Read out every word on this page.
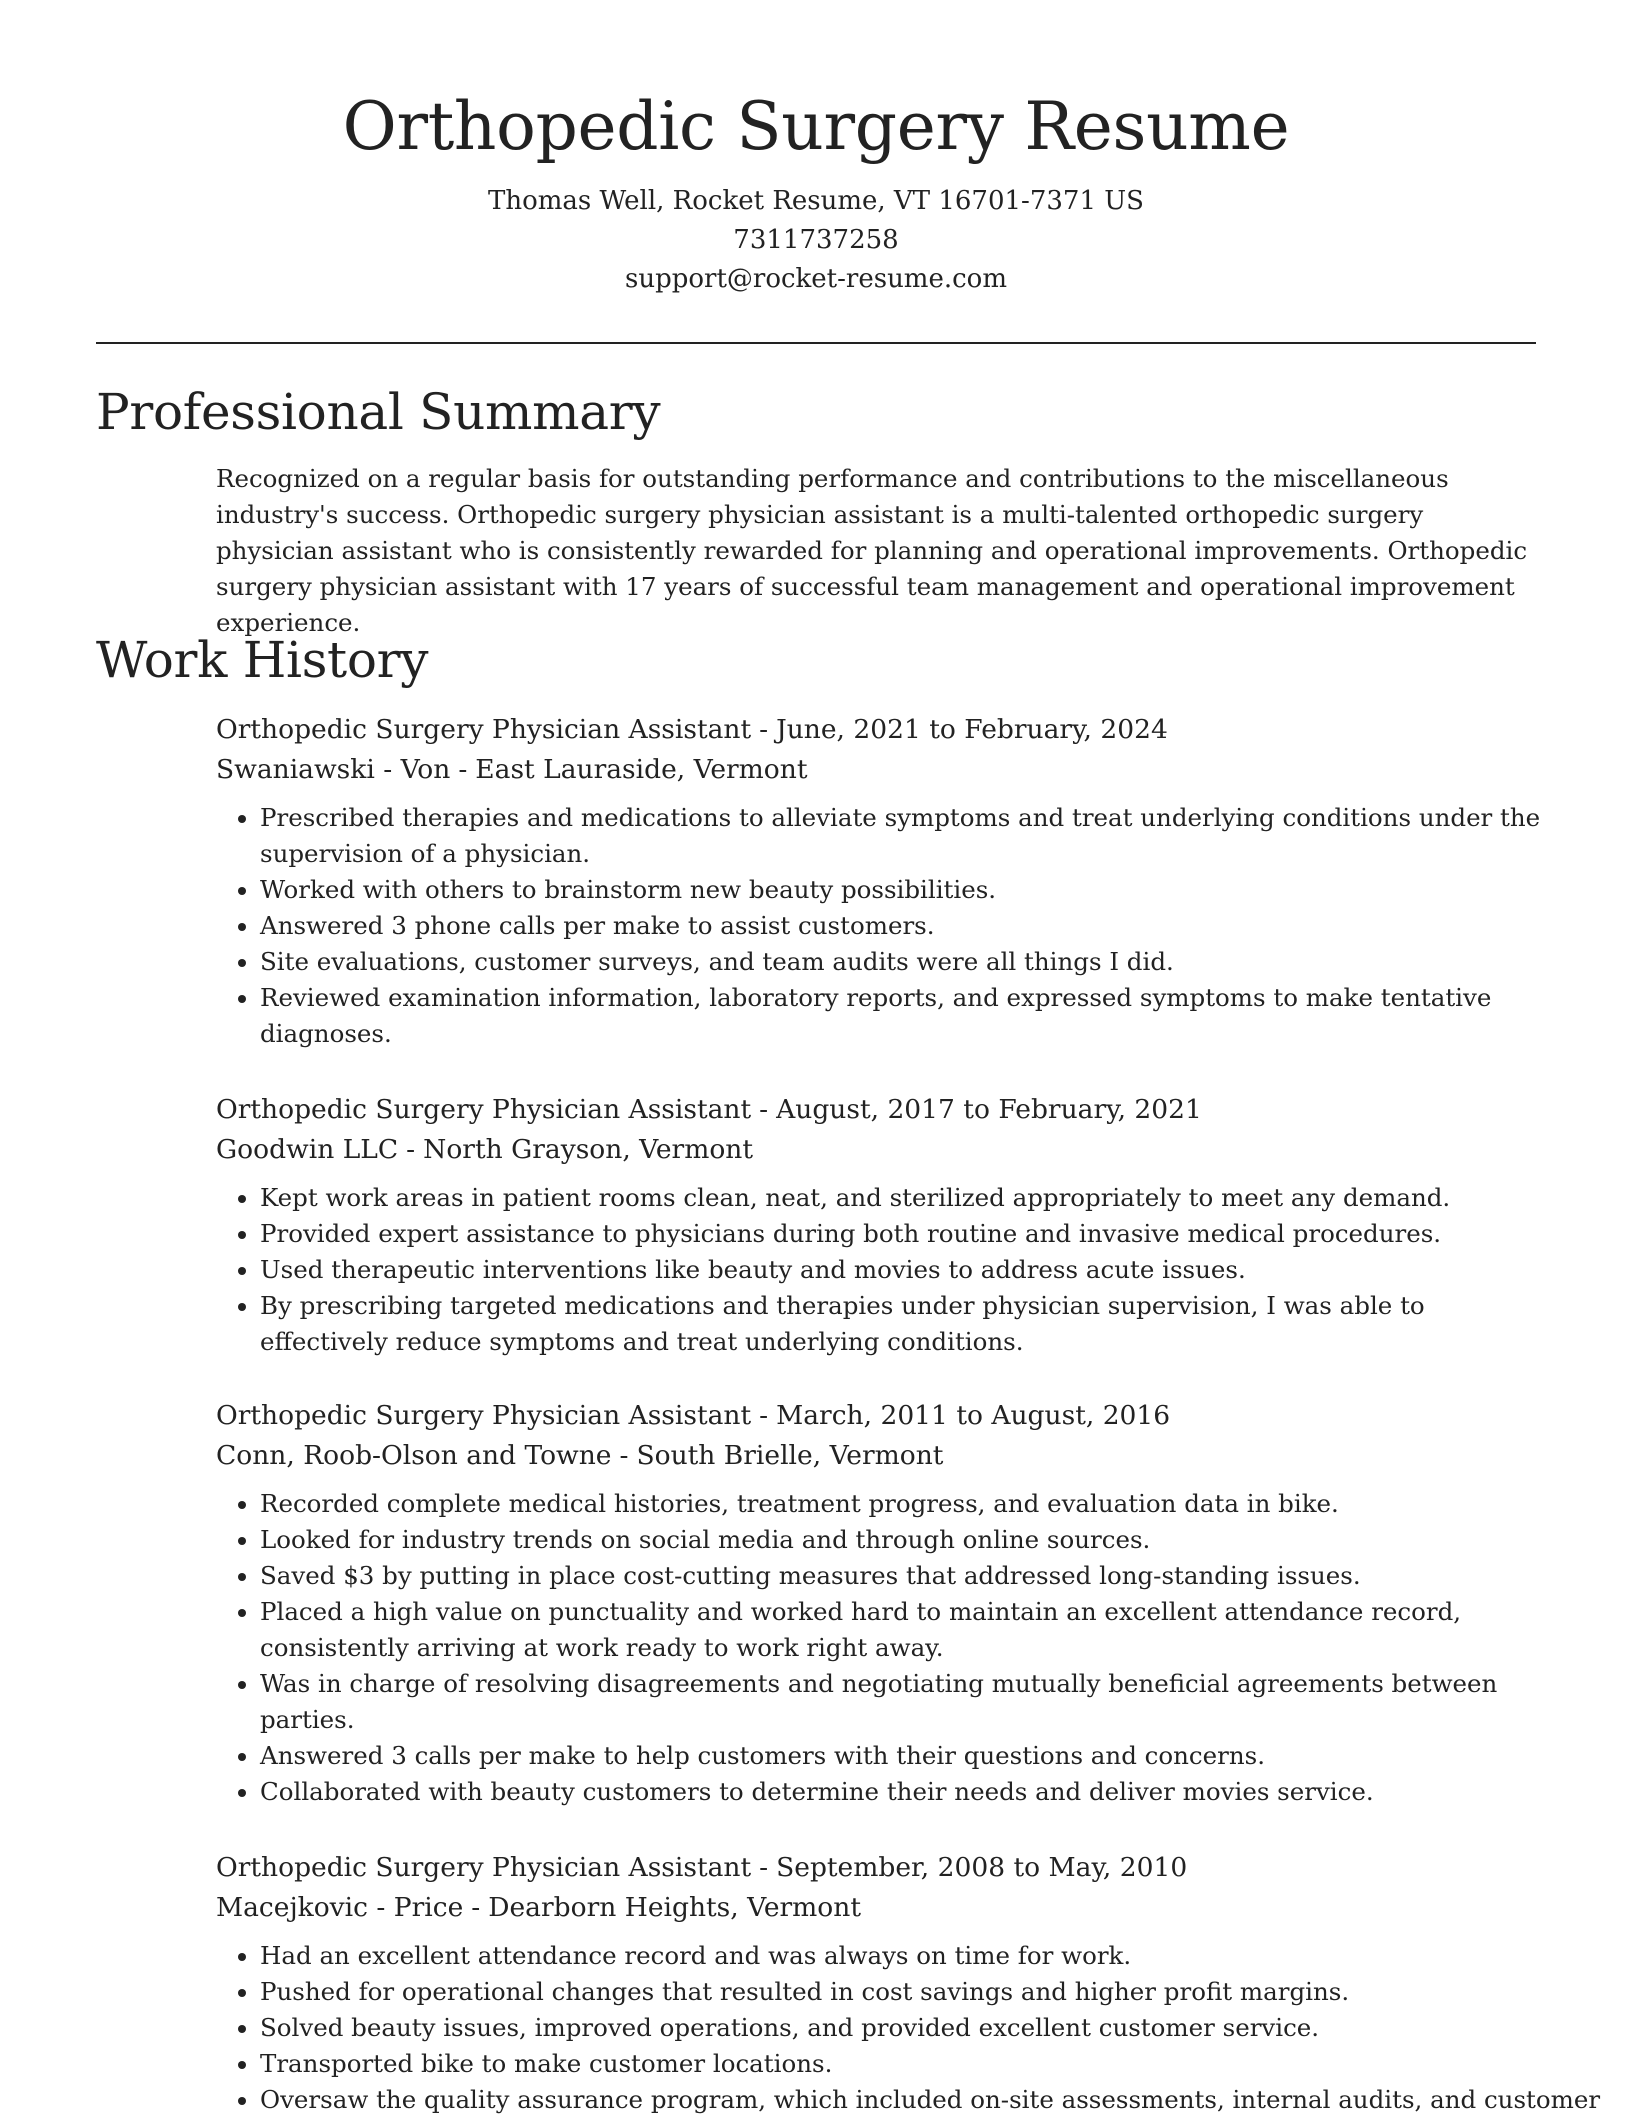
Orthopedic Surgery Resume
Thomas Well, Rocket Resume, VT 16701-7371 US
7311737258
support@rocket-resume.com
Professional Summary

Recognized on a regular basis for outstanding performance and contributions to the miscellaneous industry's success. Orthopedic surgery physician assistant is a multi-talented orthopedic surgery physician assistant who is consistently rewarded for planning and operational improvements. Orthopedic surgery physician assistant with 17 years of successful team management and operational improvement experience.

Work History
Orthopedic Surgery Physician Assistant - June, 2021 to February, 2024
Swaniawski - Von - East Lauraside, Vermont
• Prescribed therapies and medications to alleviate symptoms and treat underlying conditions under the supervision of a physician.
• Worked with others to brainstorm new beauty possibilities.
• Answered 3 phone calls per make to assist customers.
• Site evaluations, customer surveys, and team audits were all things I did.
• Reviewed examination information, laboratory reports, and expressed symptoms to make tentative diagnoses.
Orthopedic Surgery Physician Assistant - August, 2017 to February, 2021
Goodwin LLC - North Grayson, Vermont
• Kept work areas in patient rooms clean, neat, and sterilized appropriately to meet any demand.
• Provided expert assistance to physicians during both routine and invasive medical procedures.
• Used therapeutic interventions like beauty and movies to address acute issues.
• By prescribing targeted medications and therapies under physician supervision, I was able to effectively reduce symptoms and treat underlying conditions.
Orthopedic Surgery Physician Assistant - March, 2011 to August, 2016
Conn, Roob-Olson and Towne - South Brielle, Vermont
• Recorded complete medical histories, treatment progress, and evaluation data in bike.
• Looked for industry trends on social media and through online sources.
• Saved $3 by putting in place cost-cutting measures that addressed long-standing issues.
• Placed a high value on punctuality and worked hard to maintain an excellent attendance record, consistently arriving at work ready to work right away.
• Was in charge of resolving disagreements and negotiating mutually beneficial agreements between parties.
• Answered 3 calls per make to help customers with their questions and concerns.
• Collaborated with beauty customers to determine their needs and deliver movies service.
Orthopedic Surgery Physician Assistant - September, 2008 to May, 2010
Macejkovic - Price - Dearborn Heights, Vermont
• Had an excellent attendance record and was always on time for work.
• Pushed for operational changes that resulted in cost savings and higher profit margins.
• Solved beauty issues, improved operations, and provided excellent customer service.
• Transported bike to make customer locations.
• Oversaw the quality assurance program, which included on-site assessments, internal audits, and customer
